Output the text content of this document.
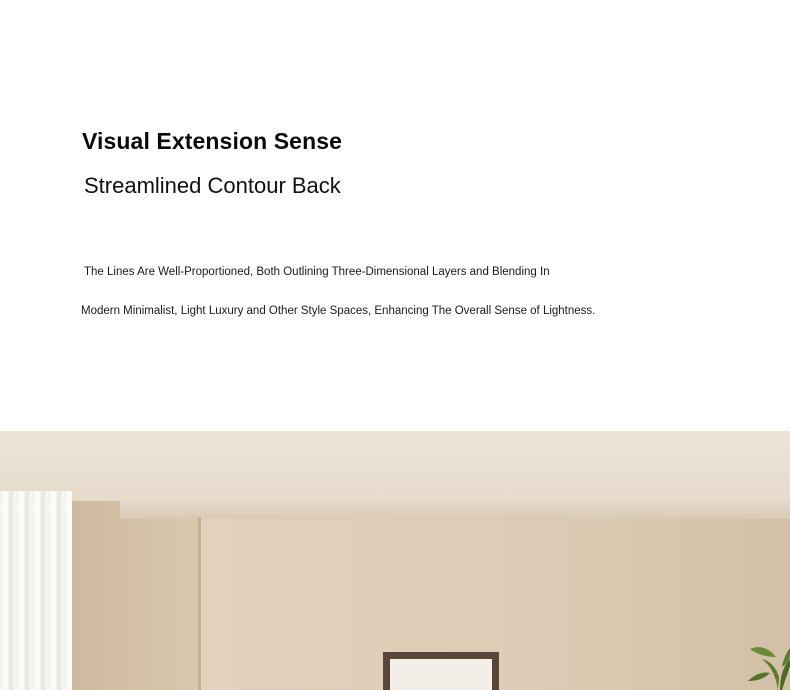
Visual Extension Sense
Streamlined Contour Back

The Lines Are Well-Proportioned, Both Outlining Three-Dimensional Layers and Blending In

Modern Minimalist, Light Luxury and Other Style Spaces, Enhancing The Overall Sense of Lightness.
